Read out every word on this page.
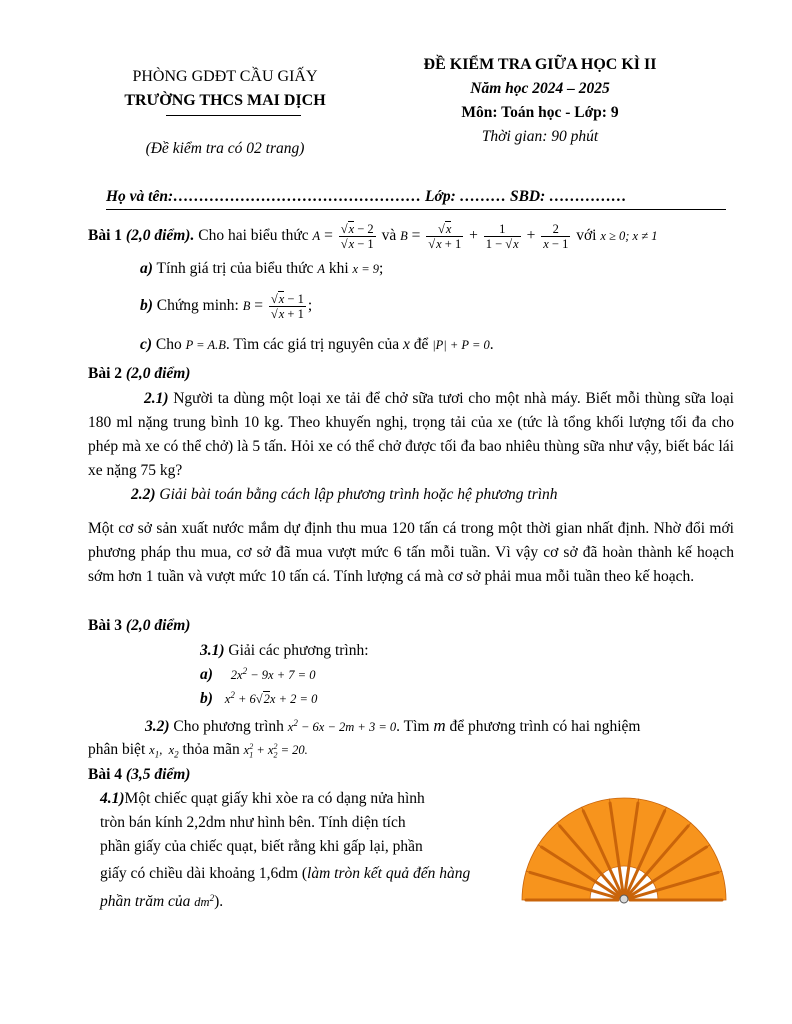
PHÒNG GDĐT CẦU GIẤY
TRƯỜNG THCS MAI DỊCH
(Đề kiểm tra có 02 trang)
ĐỀ KIỂM TRA GIỮA HỌC KÌ II
Năm học 2024 – 2025
Môn: Toán học - Lớp: 9
Thời gian: 90 phút
Họ và tên:………………………………………… Lớp: ……… SBD: ……………
Bài 1 (2,0 điểm). Cho hai biểu thức $A = \frac{√x - 2}{√x - 1}$ và $B = \frac{√x}{√x + 1} + \frac{1}{1 - √x} + \frac{2}{x - 1}$ với x ≥ 0; x ≠ 1
a) Tính giá trị của biểu thức A khi x = 9;
b) Chứng minh: $B = \frac{√x - 1}{√x + 1}$ ;
c) Cho P = A.B. Tìm các giá trị nguyên của x để |P| + P = 0.
Bài 2 (2,0 điểm)
2.1) Người ta dùng một loại xe tải để chở sữa tươi cho một nhà máy. Biết mỗi thùng sữa loại 180 ml nặng trung bình 10 kg. Theo khuyến nghị, trọng tải của xe (tức là tổng khối lượng tối đa cho phép mà xe có thể chở) là 5 tấn. Hỏi xe có thể chở được tối đa bao nhiêu thùng sữa như vậy, biết bác lái xe nặng 75 kg?
2.2) Giải bài toán bằng cách lập phương trình hoặc hệ phương trình
Một cơ sở sản xuất nước mắm dự định thu mua 120 tấn cá trong một thời gian nhất định. Nhờ đổi mới phương pháp thu mua, cơ sở đã mua vượt mức 6 tấn mỗi tuần. Vì vậy cơ sở đã hoàn thành kế hoạch sớm hơn 1 tuần và vượt mức 10 tấn cá. Tính lượng cá mà cơ sở phải mua mỗi tuần theo kế hoạch.
Bài 3 (2,0 điểm)
3.1) Giải các phương trình:
a) $2x^2 - 9x + 7 = 0$
b) $x^2 + 6√2x + 2 = 0$
3.2) Cho phương trình $x^2 - 6x - 2m + 3 = 0$. Tìm m để phương trình có hai nghiệm
phân biệt $x_1$,  $x_2$ thỏa mãn $x_1^2 + x_2^2 = 20$.
Bài 4 (3,5 điểm)
4.1)Một chiếc quạt giấy khi xòe ra có dạng nửa hình
tròn bán kính 2,2dm như hình bên. Tính diện tích
phần giấy của chiếc quạt, biết rằng khi gấp lại, phần
giấy có chiều dài khoảng 1,6dm (làm tròn kết quả đến hàng phần trăm của $dm^2$).
